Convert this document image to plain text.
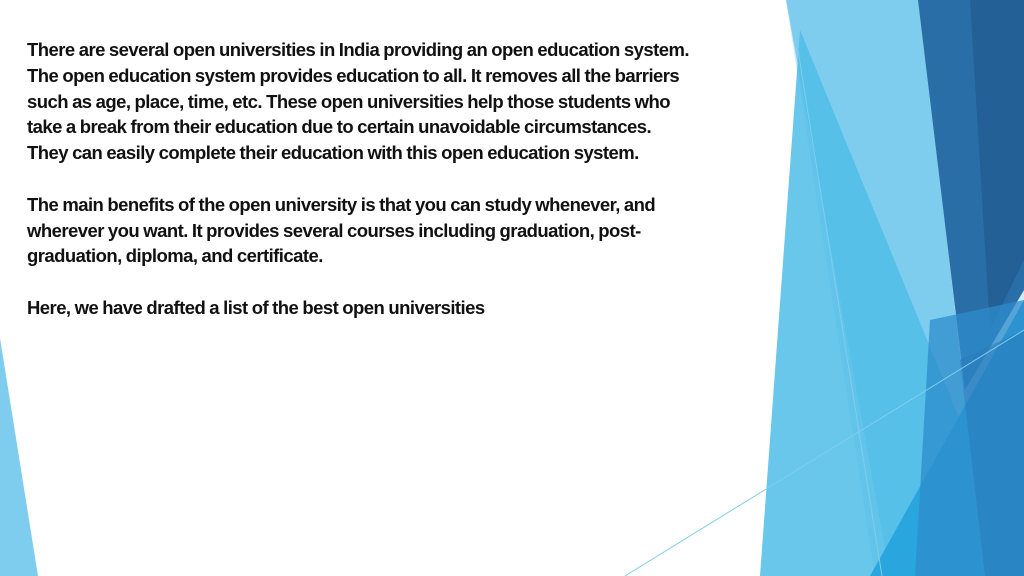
There are several open universities in India providing an open education system.
The open education system provides education to all. It removes all the barriers
such as age, place, time, etc. These open universities help those students who
take a break from their education due to certain unavoidable circumstances.
They can easily complete their education with this open education system.

The main benefits of the open university is that you can study whenever, and
wherever you want. It provides several courses including graduation, post-
graduation, diploma, and certificate.

Here, we have drafted a list of the best open universities
